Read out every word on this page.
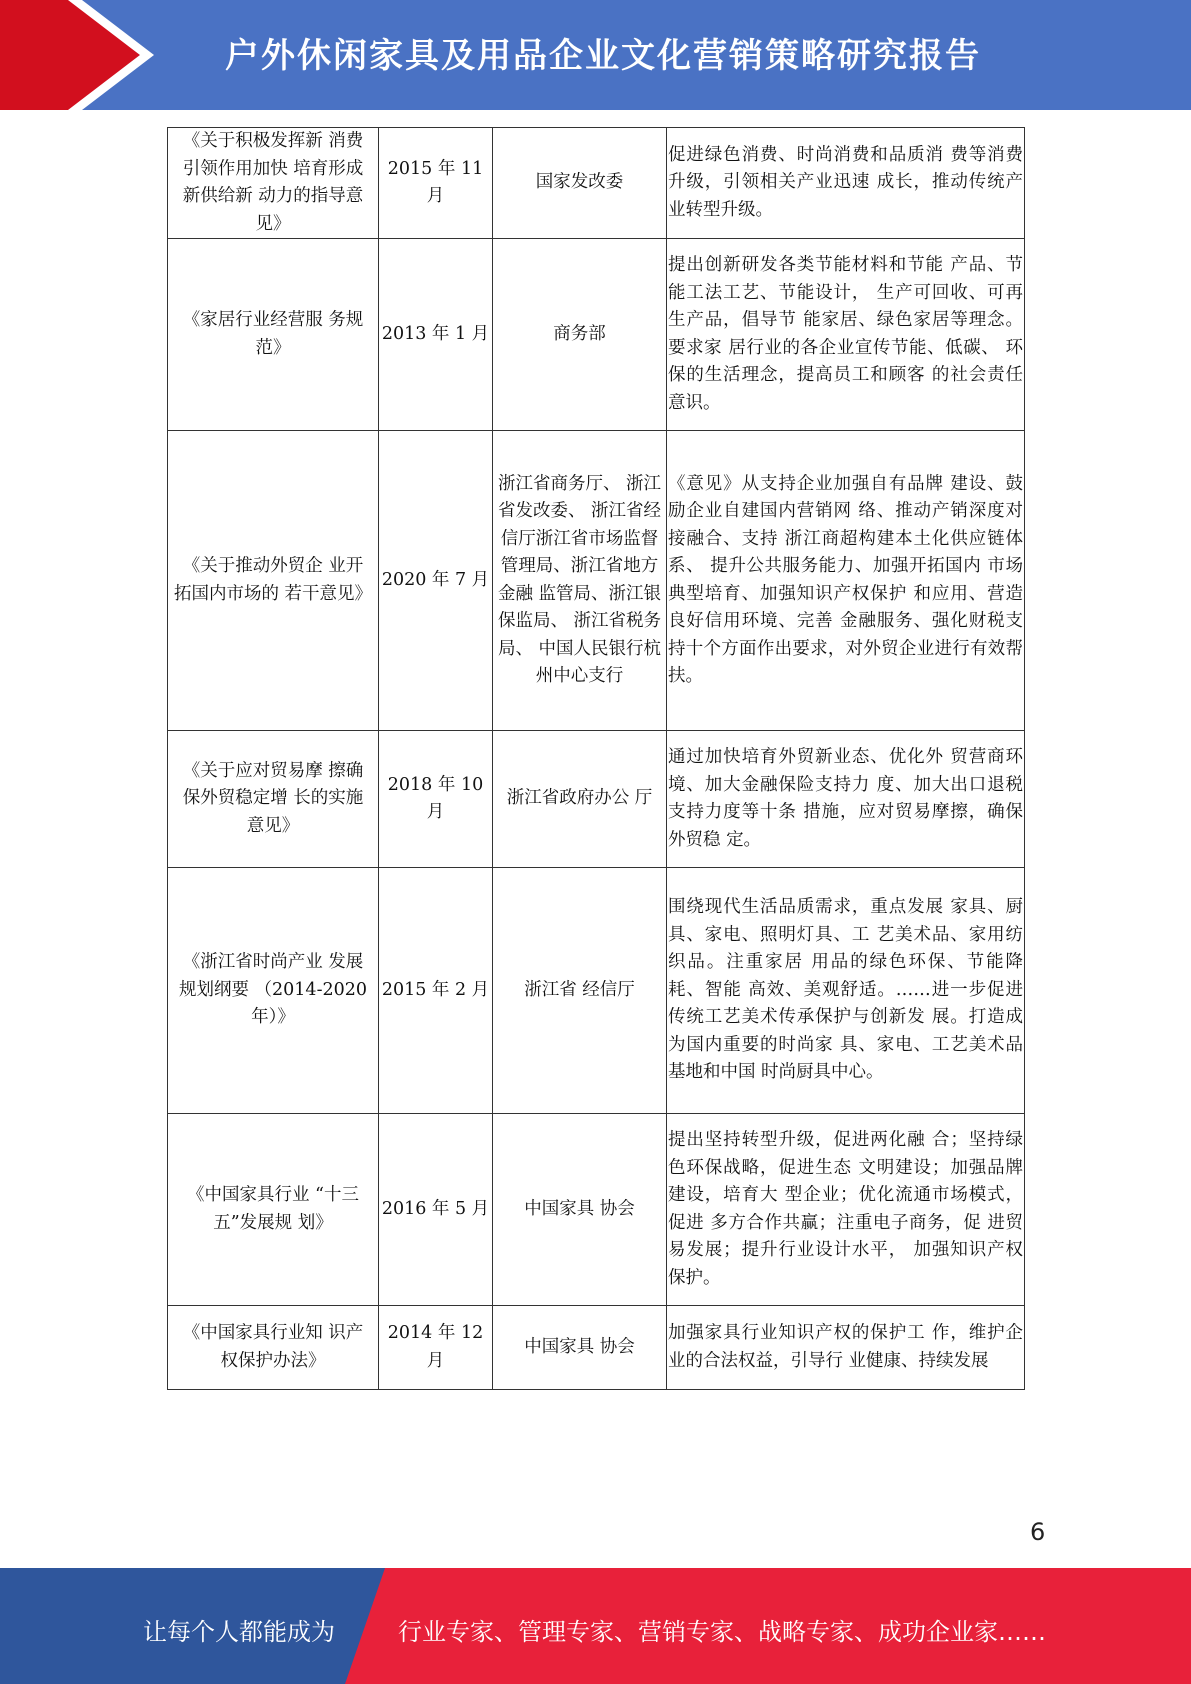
户外休闲家具及用品企业文化营销策略研究报告
《关于积极发挥新 消费引领作用加快 培育形成新供给新 动力的指导意见》	2015 年 11 月	国家发改委	促进绿色消费、时尚消费和品质消 费等消费升级，引领相关产业迅速 成长，推动传统产业转型升级。
《家居行业经营服 务规范》	2013 年 1 月	商务部	提出创新研发各类节能材料和节能 产品、节能工法工艺、节能设计， 生产可回收、可再生产品，倡导节 能家居、绿色家居等理念。要求家 居行业的各企业宣传节能、低碳、 环保的生活理念，提高员工和顾客 的社会责任意识。
《关于推动外贸企 业开拓国内市场的 若干意见》	2020 年 7 月	浙江省商务厅、 浙江省发改委、 浙江省经信厅浙江省市场监督 管理局、浙江省地方金融 监管局、浙江银保监局、 浙江省税务局、 中国人民银行杭州中心支行	《意见》从支持企业加强自有品牌 建设、鼓励企业自建国内营销网 络、推动产销深度对接融合、支持 浙江商超构建本土化供应链体系、 提升公共服务能力、加强开拓国内 市场典型培育、加强知识产权保护 和应用、营造良好信用环境、完善 金融服务、强化财税支持十个方面作出要求，对外贸企业进行有效帮 扶。
《关于应对贸易摩 擦确保外贸稳定增 长的实施意见》	2018 年 10 月	浙江省政府办公 厅	通过加快培育外贸新业态、优化外 贸营商环境、加大金融保险支持力 度、加大出口退税支持力度等十条 措施，应对贸易摩擦，确保外贸稳 定。
《浙江省时尚产业 发展规划纲要 （2014-2020 年）》	2015 年 2 月	浙江省 经信厅	围绕现代生活品质需求，重点发展 家具、厨具、家电、照明灯具、工 艺美术品、家用纺织品。注重家居 用品的绿色环保、节能降耗、智能 高效、美观舒适。……进一步促进 传统工艺美术传承保护与创新发 展。打造成为国内重要的时尚家 具、家电、工艺美术品基地和中国 时尚厨具中心。
《中国家具行业 “十三五”发展规 划》	2016 年 5 月	中国家具 协会	提出坚持转型升级，促进两化融 合；坚持绿色环保战略，促进生态 文明建设；加强品牌建设，培育大 型企业；优化流通市场模式，促进 多方合作共赢；注重电子商务，促 进贸易发展；提升行业设计水平， 加强知识产权保护。
《中国家具行业知 识产权保护办法》	2014 年 12 月	中国家具 协会	加强家具行业知识产权的保护工 作，维护企业的合法权益，引导行 业健康、持续发展
6
让每个人都能成为	行业专家、管理专家、营销专家、战略专家、成功企业家……
